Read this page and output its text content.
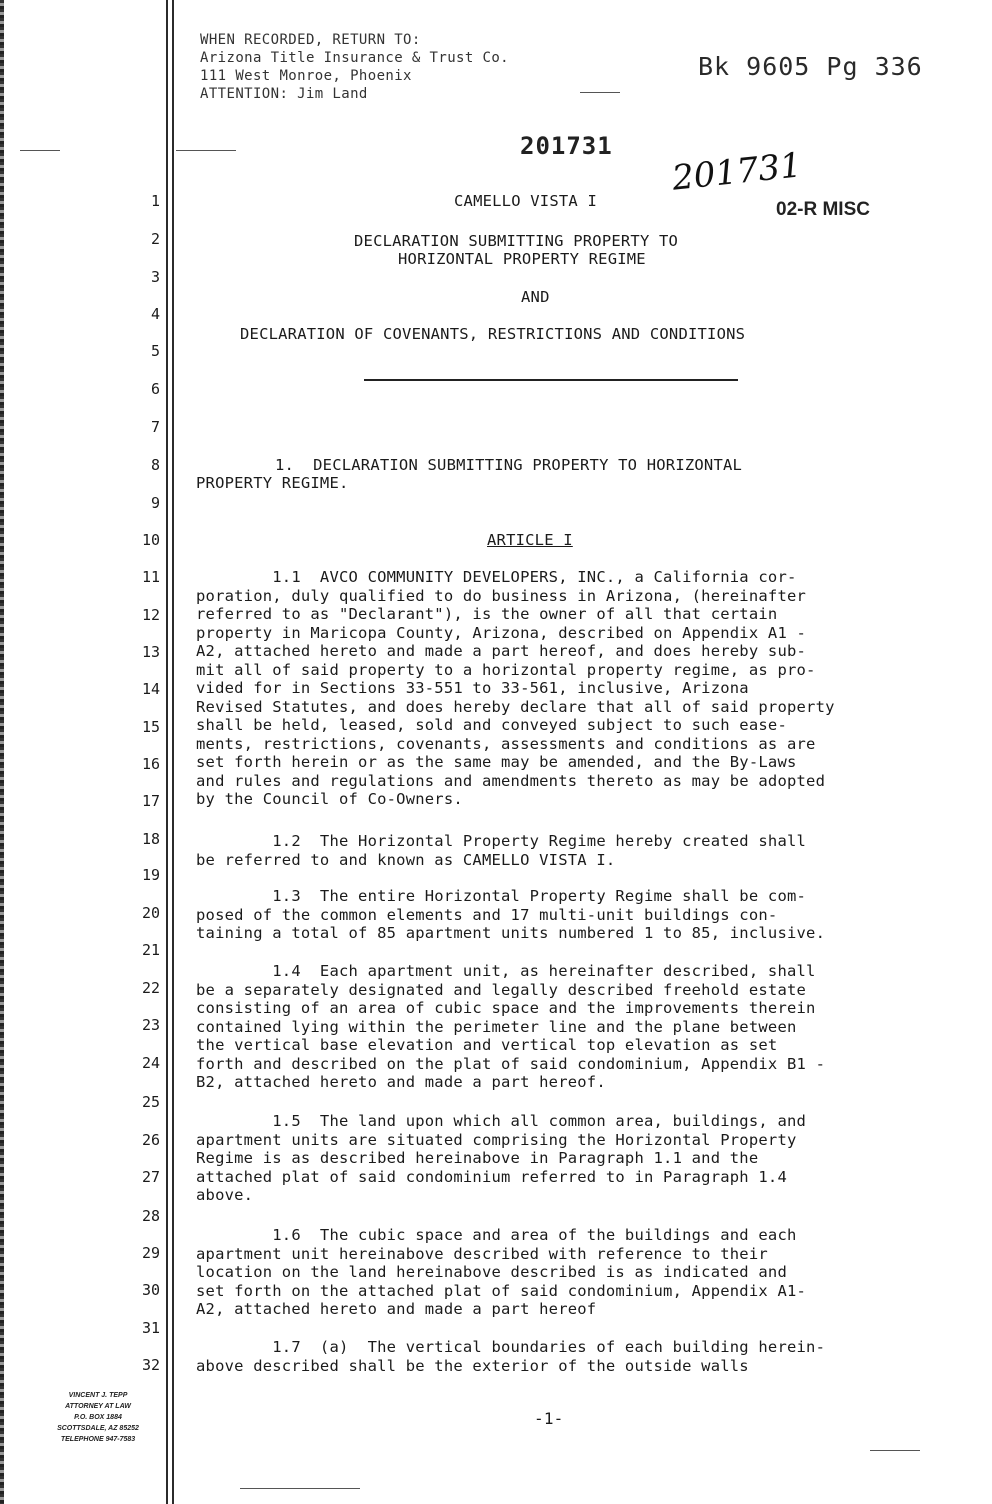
WHEN RECORDED, RETURN TO:
Arizona Title Insurance & Trust Co.
111 West Monroe, Phoenix
ATTENTION: Jim Land
Bk 9605 Pg 336
201731 201731
02-R MISC
1
2
3
4
5
6
7
8
9
10
11
12
13
14
15
16
17
18
19
20
21
22
23
24
25
26
27
28
29
30
31
32
CAMELLO VISTA I
DECLARATION SUBMITTING PROPERTY TO
HORIZONTAL PROPERTY REGIME
AND
DECLARATION OF COVENANTS, RESTRICTIONS AND CONDITIONS
1.  DECLARATION SUBMITTING PROPERTY TO HORIZONTAL
PROPERTY REGIME.
ARTICLE I
1.1  AVCO COMMUNITY DEVELOPERS, INC., a California cor-
poration, duly qualified to do business in Arizona, (hereinafter
referred to as "Declarant"), is the owner of all that certain
property in Maricopa County, Arizona, described on Appendix A1 -
A2, attached hereto and made a part hereof, and does hereby sub-
mit all of said property to a horizontal property regime, as pro-
vided for in Sections 33-551 to 33-561, inclusive, Arizona
Revised Statutes, and does hereby declare that all of said property
shall be held, leased, sold and conveyed subject to such ease-
ments, restrictions, covenants, assessments and conditions as are
set forth herein or as the same may be amended, and the By-Laws
and rules and regulations and amendments thereto as may be adopted
by the Council of Co-Owners.
1.2  The Horizontal Property Regime hereby created shall
be referred to and known as CAMELLO VISTA I.
1.3  The entire Horizontal Property Regime shall be com-
posed of the common elements and 17 multi-unit buildings con-
taining a total of 85 apartment units numbered 1 to 85, inclusive.
1.4  Each apartment unit, as hereinafter described, shall
be a separately designated and legally described freehold estate
consisting of an area of cubic space and the improvements therein
contained lying within the perimeter line and the plane between
the vertical base elevation and vertical top elevation as set
forth and described on the plat of said condominium, Appendix B1 -
B2, attached hereto and made a part hereof.
1.5  The land upon which all common area, buildings, and
apartment units are situated comprising the Horizontal Property
Regime is as described hereinabove in Paragraph 1.1 and the
attached plat of said condominium referred to in Paragraph 1.4
above.
1.6  The cubic space and area of the buildings and each
apartment unit hereinabove described with reference to their
location on the land hereinabove described is as indicated and
set forth on the attached plat of said condominium, Appendix A1-
A2, attached hereto and made a part hereof
1.7  (a)  The vertical boundaries of each building herein-
above described shall be the exterior of the outside walls
VINCENT J. TEPP
ATTORNEY AT LAW
P.O. BOX 1884
SCOTTSDALE, AZ 85252
TELEPHONE 947-7583
-1-
